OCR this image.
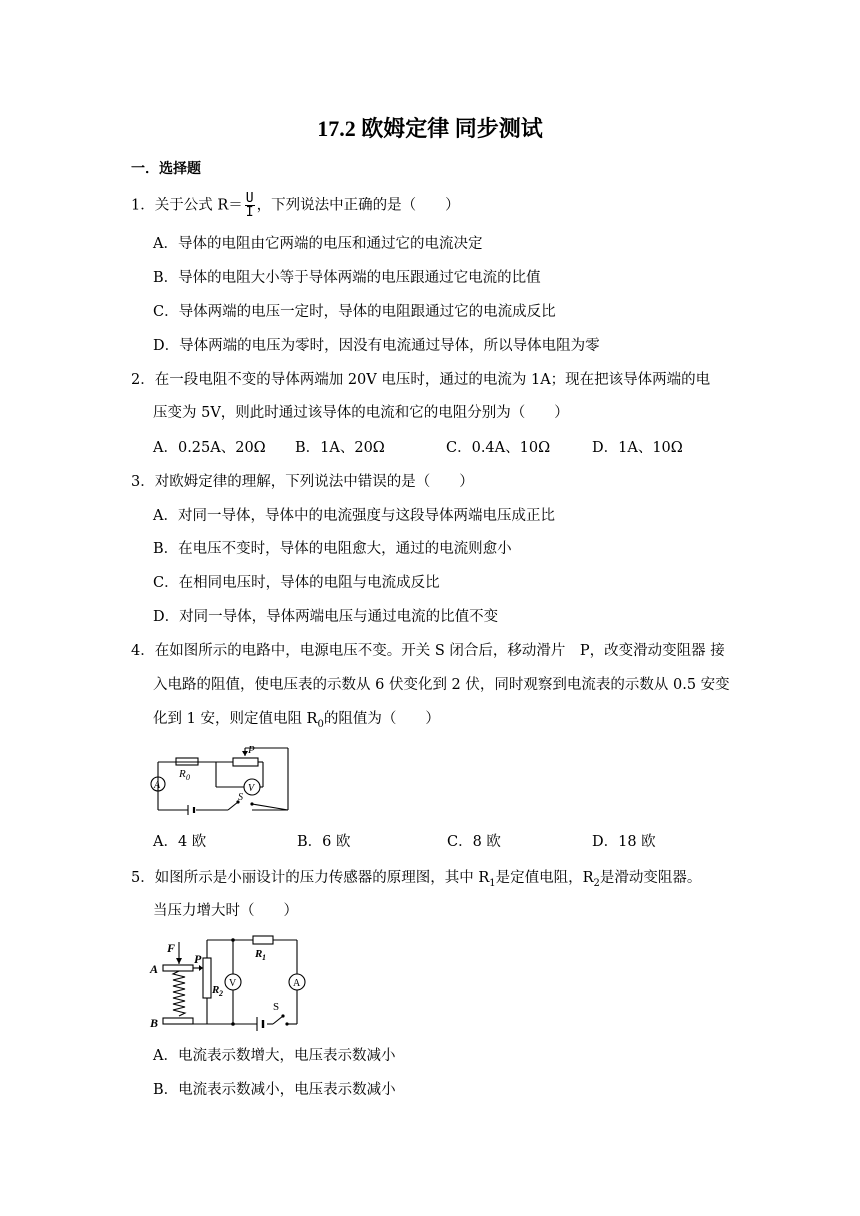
17.2 欧姆定律 同步测试
一．选择题
1．关于公式 $R= \frac{U}{I}$ ，下列说法中正确的是（　　）
A．导体的电阻由它两端的电压和通过它的电流决定
B．导体的电阻大小等于导体两端的电压跟通过它电流的比值
C．导体两端的电压一定时，导体的电阻跟通过它的电流成反比
D．导体两端的电压为零时，因没有电流通过导体，所以导体电阻为零
2．在一段电阻不变的导体两端加 20V 电压时，通过的电流为 1A；现在把该导体两端的电
压变为 5V，则此时通过该导体的电流和它的电阻分别为（　　）
A．0.25A、20Ω B．1A、20Ω	C．0.4A、10Ω	D．1A、10Ω
3．对欧姆定律的理解，下列说法中错误的是（　　）
A．对同一导体，导体中的电流强度与这段导体两端电压成正比
B．在电压不变时，导体的电阻愈大，通过的电流则愈小
C．在相同电压时，导体的电阻与电流成反比
D．对同一导体，导体两端电压与通过电流的比值不变
4．在如图所示的电路中，电源电压不变。开关 S 闭合后，移动滑片　P，改变滑动变阻器 接
入电路的阻值，使电压表的示数从 6 伏变化到 2 伏，同时观察到电流表的示数从 0.5 安变
化到 1 安，则定值电阻 $R_0$的阻值为（　　）
P
R 0
V
A
S
A．4 欧	B．6 欧	C．8 欧	D．18 欧
5．如图所示是小丽设计的压力传感器的原理图，其中 $R_1$是定值电阻，$R_2$是滑动变阻器。
当压力增大时（　　）
F
A
B
P	R 1
R 2
V	A
S
A．电流表示数增大，电压表示数减小
B．电流表示数减小，电压表示数减小
